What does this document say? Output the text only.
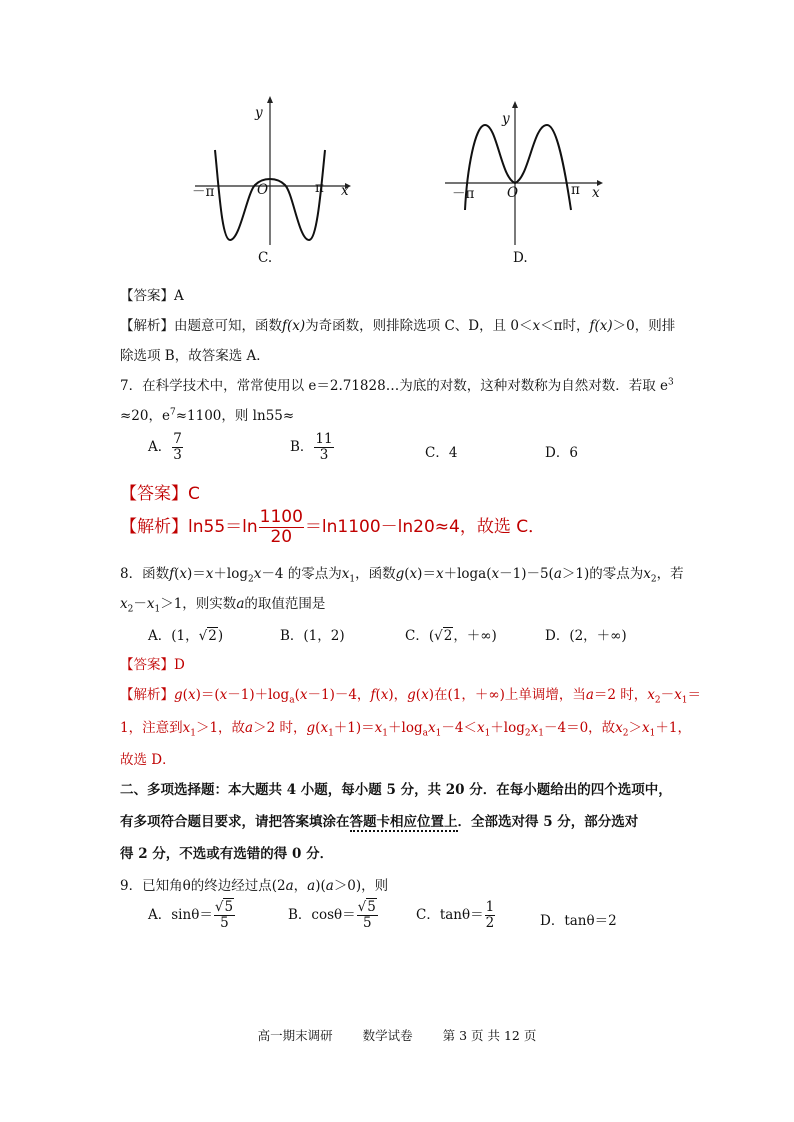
y
－π	O	π x
C.
y
－π O	π x
D.
【答案】A
【解析】由题意可知，函数f(x)为奇函数，则排除选项 C、D，且 0＜x＜π时，f(x)＞0，则排
除选项 B，故答案选 A．
7．在科学技术中，常常使用以 e＝2.71828…为底的对数，这种对数称为自然对数．若取 $e^3$
≈20，$e^7\approx 1100$，则 ln55≈
A． $\frac{7}{3}$	B． $\frac{11}{3}$	C．4	D．6
【答案】C
【解析】$\ln 55=\ln \frac{1100}{20} =\ln 1100-\ln 20\approx 4$，故选 C．
8．函数$f(x)=x+\log_2x-4$ 的零点为$x_1$，函数g(x)＝x＋loga(x－1)－5(a＞1)的零点为$x_2$，若
$x_2-x_1>1$，则实数a的取值范围是
A．(1，√2)	B．(1，2)	C．(√2，＋∞)	D．(2，＋∞)
【答案】D
【解析】$g(x)=(x-1)+\log_a(x-1)-4$，f(x)，g(x)在(1，＋∞)上单调增，当a＝2 时，$x_2-x_1=$
1，注意到$x_1>1$，故a＞2 时，$g(x_1+1)=x_1+\log_ax_1-4<x_1+\log_2x_1-4=0$，故$x_2>x_1+1$，
故选 D．
二、多项选择题：本大题共 4 小题，每小题 5 分，共 20 分．在每小题给出的四个选项中，
有多项符合题目要求，请把答案填涂在答题卡相应位置上．全部选对得 5 分，部分选对
得 2 分，不选或有选错的得 0 分．
9．已知角θ的终边经过点(2a，a)(a＞0)，则
A．$\sin\theta= \frac{√5}{5}$	B．$\cos\theta= \frac{√5}{5}$	C．$\tan\theta= \frac{1}{2}$	D．tanθ＝2
高一期末调研 数学试卷 第 3 页 共 12 页
